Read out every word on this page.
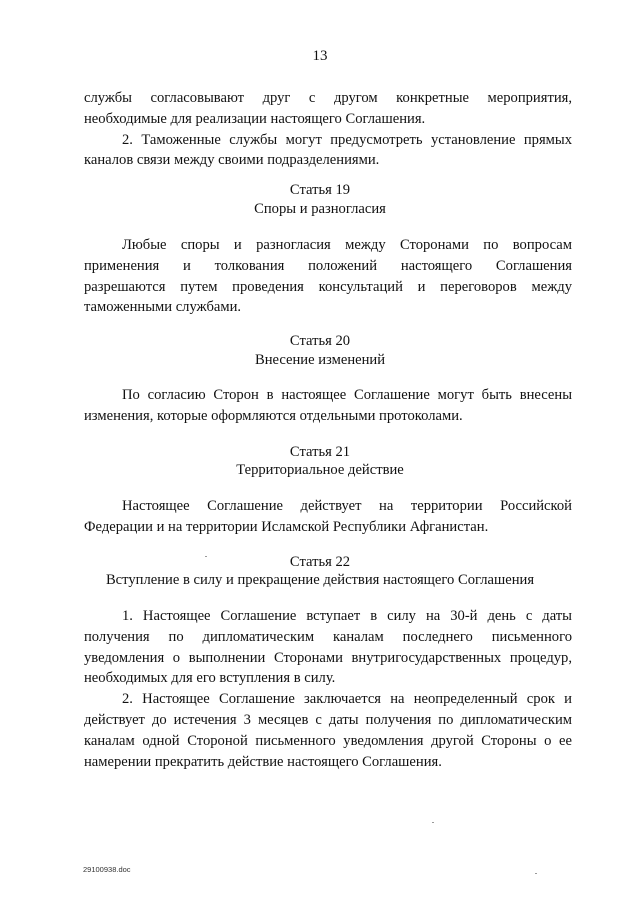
13

службы согласовывают друг с другом конкретные мероприятия,

необходимые для реализации настоящего Соглашения.

2. Таможенные службы могут предусмотреть установление прямых

каналов связи между своими подразделениями.

Статья 19
Споры и разногласия

Любые споры и разногласия между Сторонами по вопросам

применения и толкования положений настоящего Соглашения

разрешаются путем проведения консультаций и переговоров между

таможенными службами.

Статья 20
Внесение изменений

По согласию Сторон в настоящее Соглашение могут быть внесены

изменения, которые оформляются отдельными протоколами.

Статья 21
Территориальное действие

Настоящее Соглашение действует на территории Российской

Федерации и на территории Исламской Республики Афганистан.

Статья 22
Вступление в силу и прекращение действия настоящего Соглашения

1. Настоящее Соглашение вступает в силу на 30-й день с даты

получения по дипломатическим каналам последнего письменного

уведомления о выполнении Сторонами внутригосударственных процедур,

необходимых для его вступления в силу.

2. Настоящее Соглашение заключается на неопределенный срок и

действует до истечения 3 месяцев с даты получения по дипломатическим

каналам одной Стороной письменного уведомления другой Стороны о ее

намерении прекратить действие настоящего Соглашения.

29100938.doc
